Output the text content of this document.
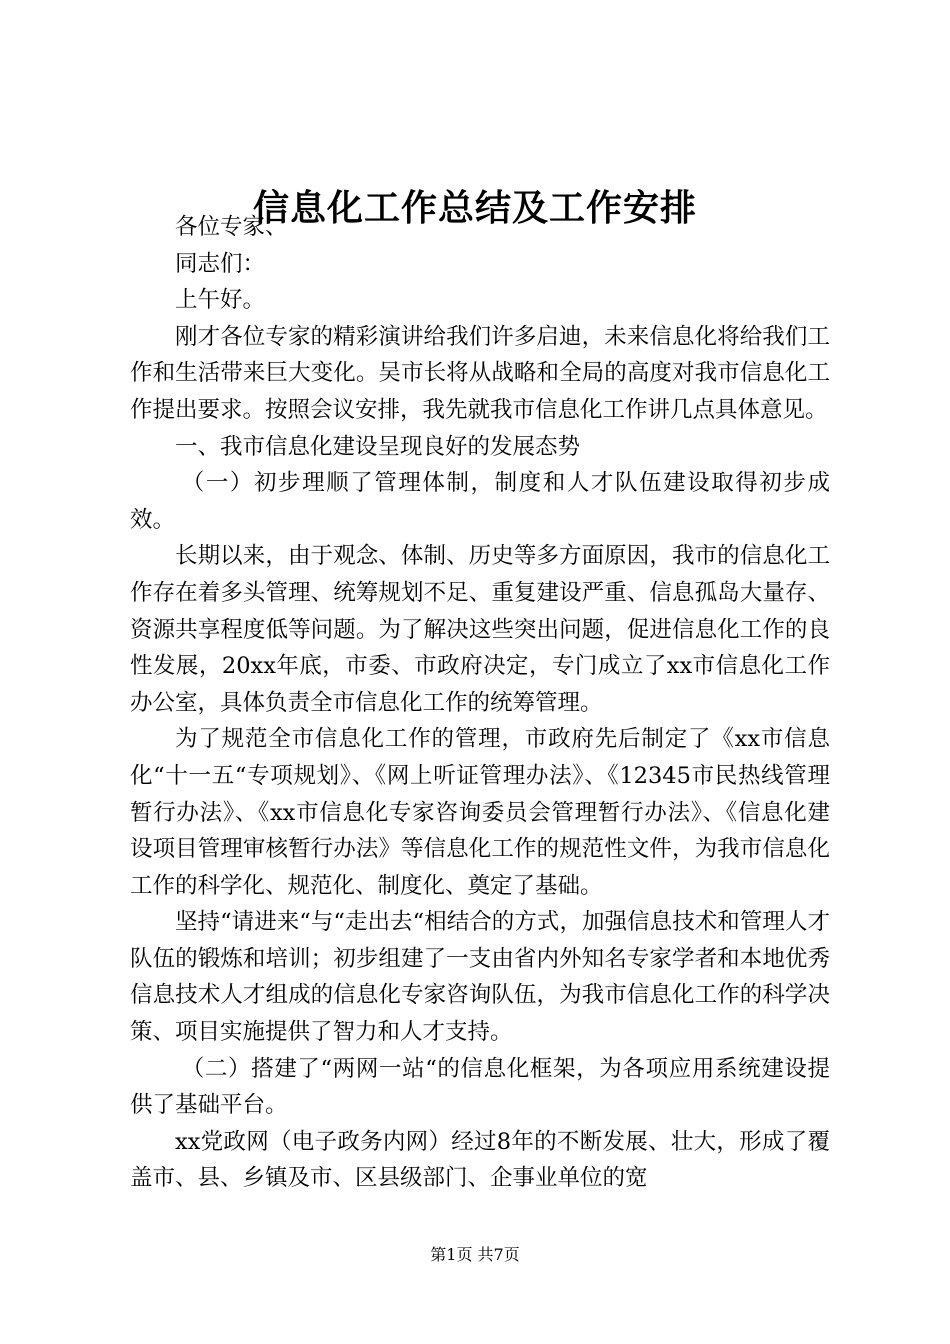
信息化工作总结及工作安排

各位专家、

同志们：

上午好。

刚才各位专家的精彩演讲给我们许多启迪，未来信息化将给我们工作和生活带来巨大变化。吴市长将从战略和全局的高度对我市信息化工作提出要求。按照会议安排，我先就我市信息化工作讲几点具体意见。

一、我市信息化建设呈现良好的发展态势

（一）初步理顺了管理体制，制度和人才队伍建设取得初步成效。

长期以来，由于观念、体制、历史等多方面原因，我市的信息化工作存在着多头管理、统筹规划不足、重复建设严重、信息孤岛大量存、资源共享程度低等问题。为了解决这些突出问题，促进信息化工作的良性发展，20xx年底，市委、市政府决定，专门成立了xx市信息化工作办公室，具体负责全市信息化工作的统筹管理。

为了规范全市信息化工作的管理，市政府先后制定了《xx市信息化“十一五“专项规划》、《网上听证管理办法》、《12345市民热线管理暂行办法》、《xx市信息化专家咨询委员会管理暂行办法》、《信息化建设项目管理审核暂行办法》等信息化工作的规范性文件，为我市信息化工作的科学化、规范化、制度化、奠定了基础。

坚持“请进来“与“走出去“相结合的方式，加强信息技术和管理人才队伍的锻炼和培训；初步组建了一支由省内外知名专家学者和本地优秀信息技术人才组成的信息化专家咨询队伍，为我市信息化工作的科学决策、项目实施提供了智力和人才支持。

（二）搭建了“两网一站“的信息化框架，为各项应用系统建设提供了基础平台。

xx党政网（电子政务内网）经过8年的不断发展、壮大，形成了覆盖市、县、乡镇及市、区县级部门、企事业单位的宽

第1页 共7页
